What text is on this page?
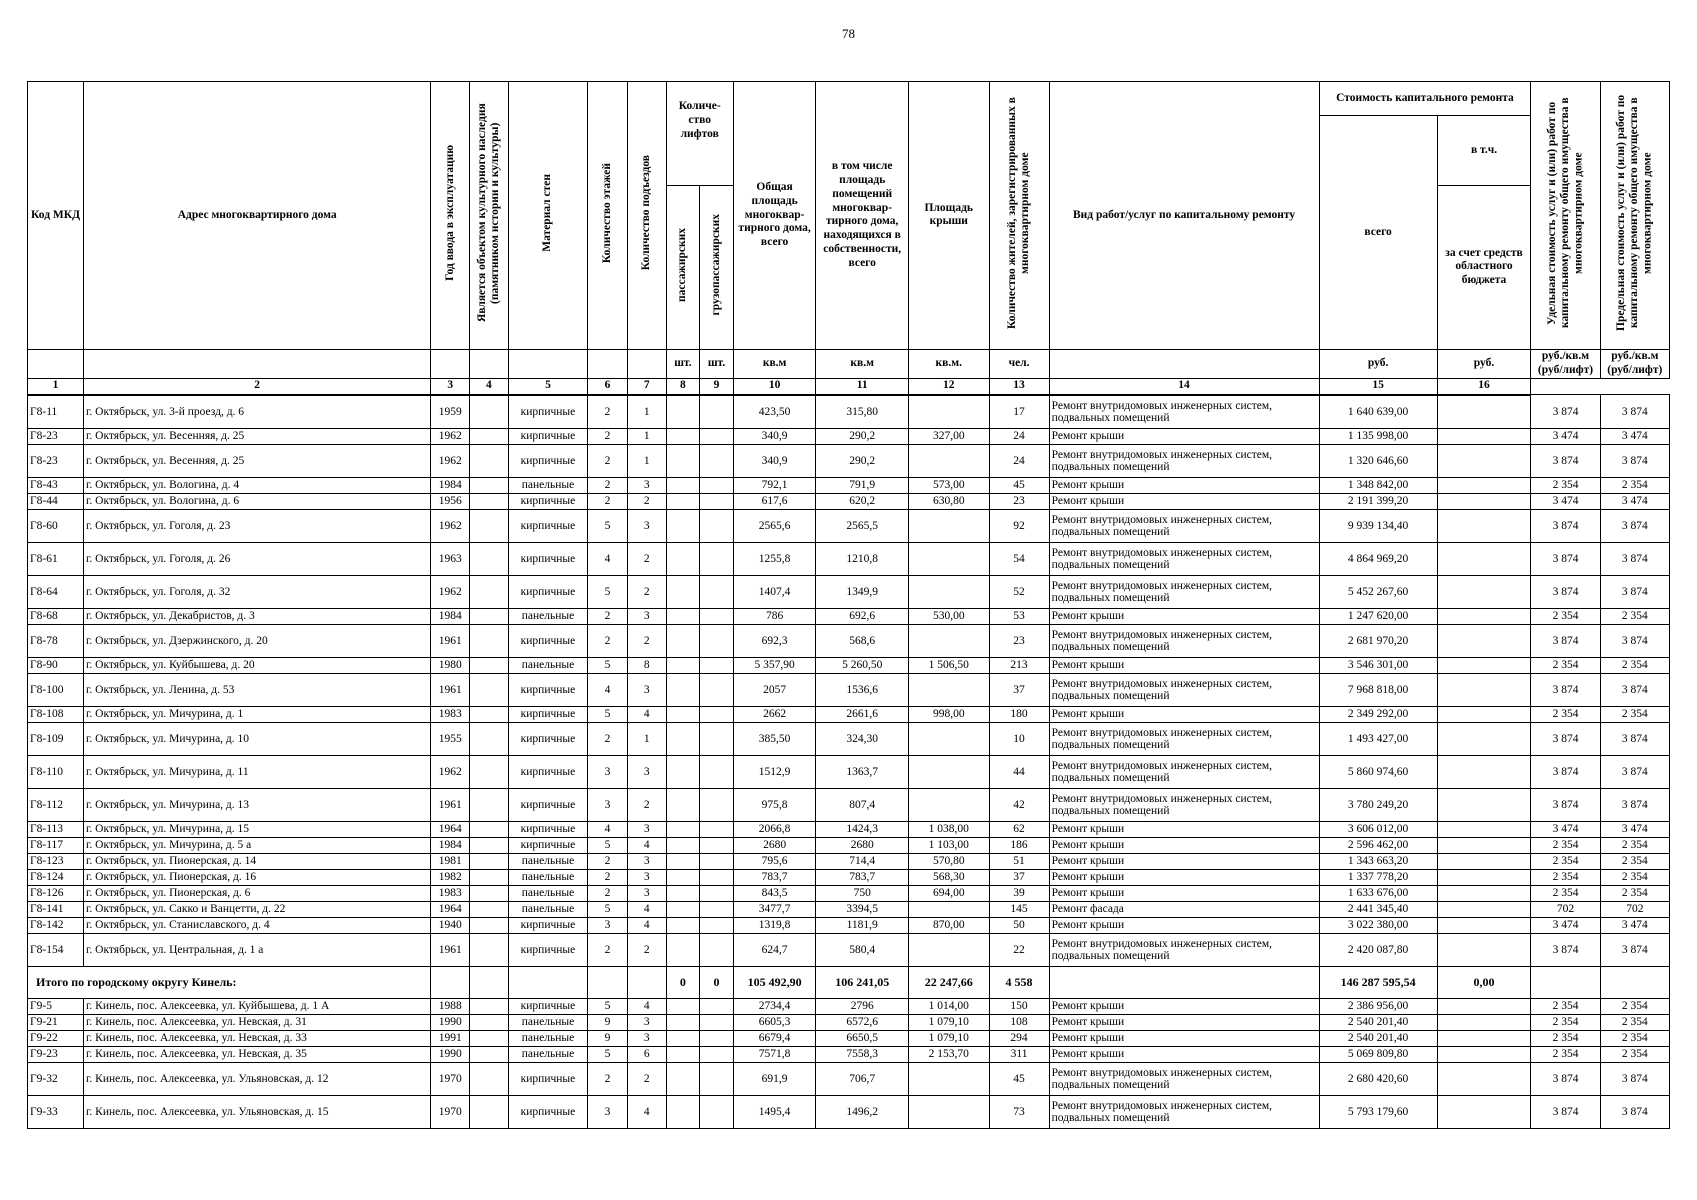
78
Код МКД	Адрес многоквартирного дома	Год ввода в эксплуатацию	Является объектом культурного наследия (памятником истории и культуры)	Материал стен	Количество этажей	Количество подъездов	Количе-ство лифтов		Общая площадь многоквар-тирного дома, всего	в том числе площадь помещений многоквар-тирного дома, находящихся в собственности, всего	Площадь крыши	Количество жителей, зарегистрированных в многоквартирном доме	Вид работ/услуг по капитальному ремонту	Стоимость капитального ремонта		Удельная стоимость услуг и (или) работ по капитальному ремонту общего имущества в многоквартирном доме	Предельная стоимость услуг и (или) работ по капитальному ремонту общего имущества в многоквартирном доме
														всего	в т.ч.		
							пассажирских	грузопассажирских							за счет средств областного бюджета		
							шт.	шт.	кв.м	кв.м	кв.м.	чел.		руб.	руб.	руб./кв.м (руб/лифт)	руб./кв.м (руб/лифт)
1	2	3	4	5	6	7	8	9	10	11	12	13	14	15	16		
Г8-11	г. Октябрьск, ул. 3-й проезд, д. 6	1959		кирпичные	2	1			423,50	315,80		17	Ремонт внутридомовых инженерных систем, подвальных помещений	1 640 639,00		3 874	3 874
Г8-23	г. Октябрьск, ул. Весенняя, д. 25	1962		кирпичные	2	1			340,9	290,2	327,00	24	Ремонт крыши	1 135 998,00		3 474	3 474
Г8-23	г. Октябрьск, ул. Весенняя, д. 25	1962		кирпичные	2	1			340,9	290,2		24	Ремонт внутридомовых инженерных систем, подвальных помещений	1 320 646,60		3 874	3 874
Г8-43	г. Октябрьск, ул. Вологина, д. 4	1984		панельные	2	3			792,1	791,9	573,00	45	Ремонт крыши	1 348 842,00		2 354	2 354
Г8-44	г. Октябрьск, ул. Вологина, д. 6	1956		кирпичные	2	2			617,6	620,2	630,80	23	Ремонт крыши	2 191 399,20		3 474	3 474
Г8-60	г. Октябрьск, ул. Гоголя, д. 23	1962		кирпичные	5	3			2565,6	2565,5		92	Ремонт внутридомовых инженерных систем, подвальных помещений	9 939 134,40		3 874	3 874
Г8-61	г. Октябрьск, ул. Гоголя, д. 26	1963		кирпичные	4	2			1255,8	1210,8		54	Ремонт внутридомовых инженерных систем, подвальных помещений	4 864 969,20		3 874	3 874
Г8-64	г. Октябрьск, ул. Гоголя, д. 32	1962		кирпичные	5	2			1407,4	1349,9		52	Ремонт внутридомовых инженерных систем, подвальных помещений	5 452 267,60		3 874	3 874
Г8-68	г. Октябрьск, ул. Декабристов, д. 3	1984		панельные	2	3			786	692,6	530,00	53	Ремонт крыши	1 247 620,00		2 354	2 354
Г8-78	г. Октябрьск, ул. Дзержинского, д. 20	1961		кирпичные	2	2			692,3	568,6		23	Ремонт внутридомовых инженерных систем, подвальных помещений	2 681 970,20		3 874	3 874
Г8-90	г. Октябрьск, ул. Куйбышева, д. 20	1980		панельные	5	8			5 357,90	5 260,50	1 506,50	213	Ремонт крыши	3 546 301,00		2 354	2 354
Г8-100	г. Октябрьск, ул. Ленина, д. 53	1961		кирпичные	4	3			2057	1536,6		37	Ремонт внутридомовых инженерных систем, подвальных помещений	7 968 818,00		3 874	3 874
Г8-108	г. Октябрьск, ул. Мичурина, д. 1	1983		кирпичные	5	4			2662	2661,6	998,00	180	Ремонт крыши	2 349 292,00		2 354	2 354
Г8-109	г. Октябрьск, ул. Мичурина, д. 10	1955		кирпичные	2	1			385,50	324,30		10	Ремонт внутридомовых инженерных систем, подвальных помещений	1 493 427,00		3 874	3 874
Г8-110	г. Октябрьск, ул. Мичурина, д. 11	1962		кирпичные	3	3			1512,9	1363,7		44	Ремонт внутридомовых инженерных систем, подвальных помещений	5 860 974,60		3 874	3 874
Г8-112	г. Октябрьск, ул. Мичурина, д. 13	1961		кирпичные	3	2			975,8	807,4		42	Ремонт внутридомовых инженерных систем, подвальных помещений	3 780 249,20		3 874	3 874
Г8-113	г. Октябрьск, ул. Мичурина, д. 15	1964		кирпичные	4	3			2066,8	1424,3	1 038,00	62	Ремонт крыши	3 606 012,00		3 474	3 474
Г8-117	г. Октябрьск, ул. Мичурина, д. 5 а	1984		кирпичные	5	4			2680	2680	1 103,00	186	Ремонт крыши	2 596 462,00		2 354	2 354
Г8-123	г. Октябрьск, ул. Пионерская, д. 14	1981		панельные	2	3			795,6	714,4	570,80	51	Ремонт крыши	1 343 663,20		2 354	2 354
Г8-124	г. Октябрьск, ул. Пионерская, д. 16	1982		панельные	2	3			783,7	783,7	568,30	37	Ремонт крыши	1 337 778,20		2 354	2 354
Г8-126	г. Октябрьск, ул. Пионерская, д. 6	1983		панельные	2	3			843,5	750	694,00	39	Ремонт крыши	1 633 676,00		2 354	2 354
Г8-141	г. Октябрьск, ул. Сакко и Ванцетти, д. 22	1964		панельные	5	4			3477,7	3394,5		145	Ремонт фасада	2 441 345,40		702	702
Г8-142	г. Октябрьск, ул. Станиславского, д. 4	1940		кирпичные	3	4			1319,8	1181,9	870,00	50	Ремонт крыши	3 022 380,00		3 474	3 474
Г8-154	г. Октябрьск, ул. Центральная, д. 1 а	1961		кирпичные	2	2			624,7	580,4		22	Ремонт внутридомовых инженерных систем, подвальных помещений	2 420 087,80		3 874	3 874
Итого по городскому округу Кинель:							0	0	105 492,90	106 241,05	22 247,66	4 558		146 287 595,54	0,00		
Г9-5	г. Кинель, пос. Алексеевка, ул. Куйбышева, д. 1 А	1988		кирпичные	5	4			2734,4	2796	1 014,00	150	Ремонт крыши	2 386 956,00		2 354	2 354
Г9-21	г. Кинель, пос. Алексеевка, ул. Невская, д. 31	1990		панельные	9	3			6605,3	6572,6	1 079,10	108	Ремонт крыши	2 540 201,40		2 354	2 354
Г9-22	г. Кинель, пос. Алексеевка, ул. Невская, д. 33	1991		панельные	9	3			6679,4	6650,5	1 079,10	294	Ремонт крыши	2 540 201,40		2 354	2 354
Г9-23	г. Кинель, пос. Алексеевка, ул. Невская, д. 35	1990		панельные	5	6			7571,8	7558,3	2 153,70	311	Ремонт крыши	5 069 809,80		2 354	2 354
Г9-32	г. Кинель, пос. Алексеевка, ул. Ульяновская, д. 12	1970		кирпичные	2	2			691,9	706,7		45	Ремонт внутридомовых инженерных систем, подвальных помещений	2 680 420,60		3 874	3 874
Г9-33	г. Кинель, пос. Алексеевка, ул. Ульяновская, д. 15	1970		кирпичные	3	4			1495,4	1496,2		73	Ремонт внутридомовых инженерных систем, подвальных помещений	5 793 179,60		3 874	3 874
